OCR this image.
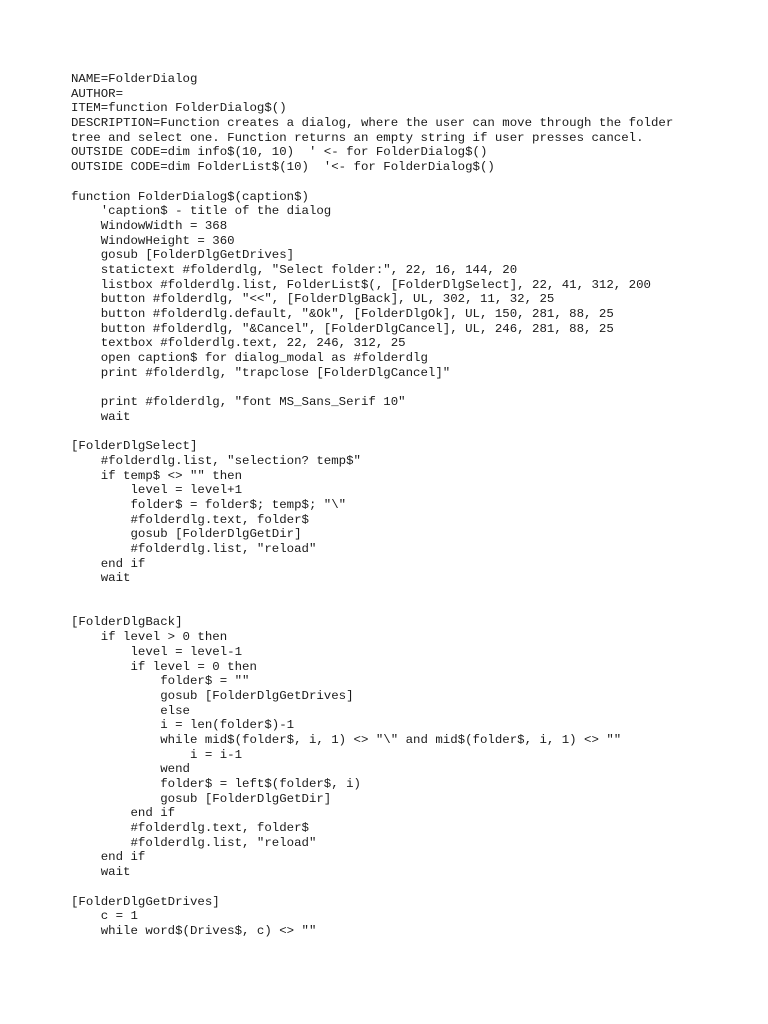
NAME=FolderDialog
AUTHOR=
ITEM=function FolderDialog$()
DESCRIPTION=Function creates a dialog, where the user can move through the folder
tree and select one. Function returns an empty string if user presses cancel.
OUTSIDE CODE=dim info$(10, 10)  ' <- for FolderDialog$()
OUTSIDE CODE=dim FolderList$(10)  '<- for FolderDialog$()

function FolderDialog$(caption$)
'caption$ - title of the dialog
WindowWidth = 368
WindowHeight = 360
gosub [FolderDlgGetDrives]
statictext #folderdlg, "Select folder:", 22, 16, 144, 20
listbox #folderdlg.list, FolderList$(, [FolderDlgSelect], 22, 41, 312, 200
button #folderdlg, "<<", [FolderDlgBack], UL, 302, 11, 32, 25
button #folderdlg.default, "&Ok", [FolderDlgOk], UL, 150, 281, 88, 25
button #folderdlg, "&Cancel", [FolderDlgCancel], UL, 246, 281, 88, 25
textbox #folderdlg.text, 22, 246, 312, 25
open caption$ for dialog_modal as #folderdlg
print #folderdlg, "trapclose [FolderDlgCancel]"

print #folderdlg, "font MS_Sans_Serif 10"
wait

[FolderDlgSelect]
#folderdlg.list, "selection? temp$"
if temp$ <> "" then
level = level+1
folder$ = folder$; temp$; "\"
#folderdlg.text, folder$
gosub [FolderDlgGetDir]
#folderdlg.list, "reload"
end if
wait

[FolderDlgBack]
if level > 0 then
level = level-1
if level = 0 then
folder$ = ""
gosub [FolderDlgGetDrives]
else
i = len(folder$)-1
while mid$(folder$, i, 1) <> "\" and mid$(folder$, i, 1) <> ""
i = i-1
wend
folder$ = left$(folder$, i)
gosub [FolderDlgGetDir]
end if
#folderdlg.text, folder$
#folderdlg.list, "reload"
end if
wait

[FolderDlgGetDrives]
c = 1
while word$(Drives$, c) <> ""
